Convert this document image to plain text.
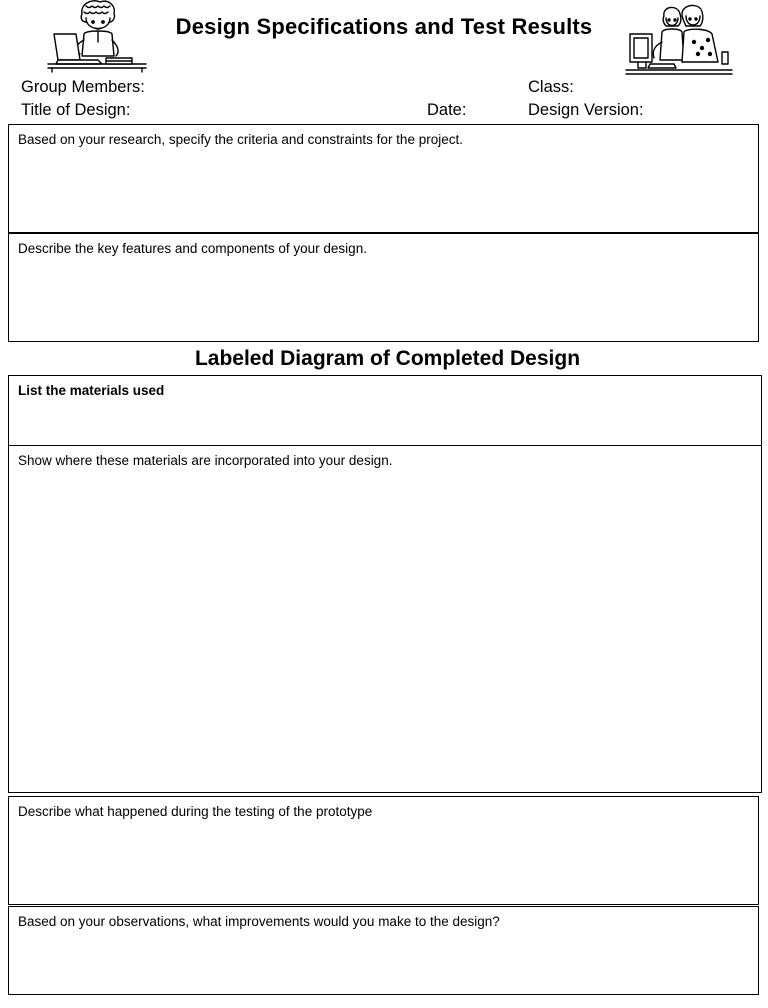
Design Specifications and Test Results
Group Members:	Class:
Title of Design:	Date:	Design Version:
Based on your research, specify the criteria and constraints for the project.
Describe the key features and components of your design.
Labeled Diagram of Completed Design
List the materials used
Show where these materials are incorporated into your design.
Describe what happened during the testing of the prototype
Based on your observations, what improvements would you make to the design?
